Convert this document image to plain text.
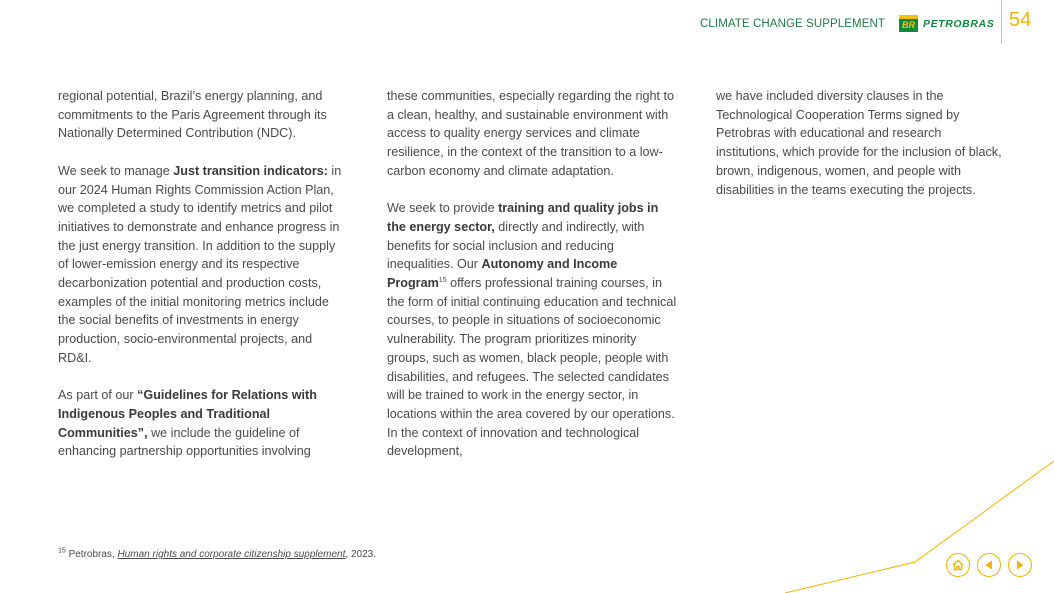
CLIMATE CHANGE SUPPLEMENT	BR PETROBRAS 54

regional potential, Brazil’s energy planning, and commitments to the Paris Agreement through its Nationally Determined Contribution (NDC).

We seek to manage Just transition indicators: in our 2024 Human Rights Commission Action Plan, we completed a study to identify metrics and pilot initiatives to demonstrate and enhance progress in the just energy transition. In addition to the supply of lower-emission energy and its respective decarbonization potential and production costs, examples of the initial monitoring metrics include the social benefits of investments in energy production, socio-environmental projects, and RD&I.

As part of our “Guidelines for Relations with Indigenous Peoples and Traditional Communities”, we include the guideline of enhancing partnership opportunities involving

these communities, especially regarding the right to a clean, healthy, and sustainable environment with access to quality energy services and climate resilience, in the context of the transition to a low-carbon economy and climate adaptation.

We seek to provide training and quality jobs in the energy sector, directly and indirectly, with benefits for social inclusion and reducing inequalities. Our Autonomy and Income Program$^{15}$ offers professional training courses, in the form of initial continuing education and technical courses, to people in situations of socioeconomic vulnerability. The program prioritizes minority groups, such as women, black people, people with disabilities, and refugees. The selected candidates will be trained to work in the energy sector, in locations within the area covered by our operations. In the context of innovation and technological development,

we have included diversity clauses in the Technological Cooperation Terms signed by Petrobras with educational and research institutions, which provide for the inclusion of black, brown, indigenous, women, and people with disabilities in the teams executing the projects.

$^{15}$ Petrobras, Human rights and corporate citizenship supplement, 2023.
